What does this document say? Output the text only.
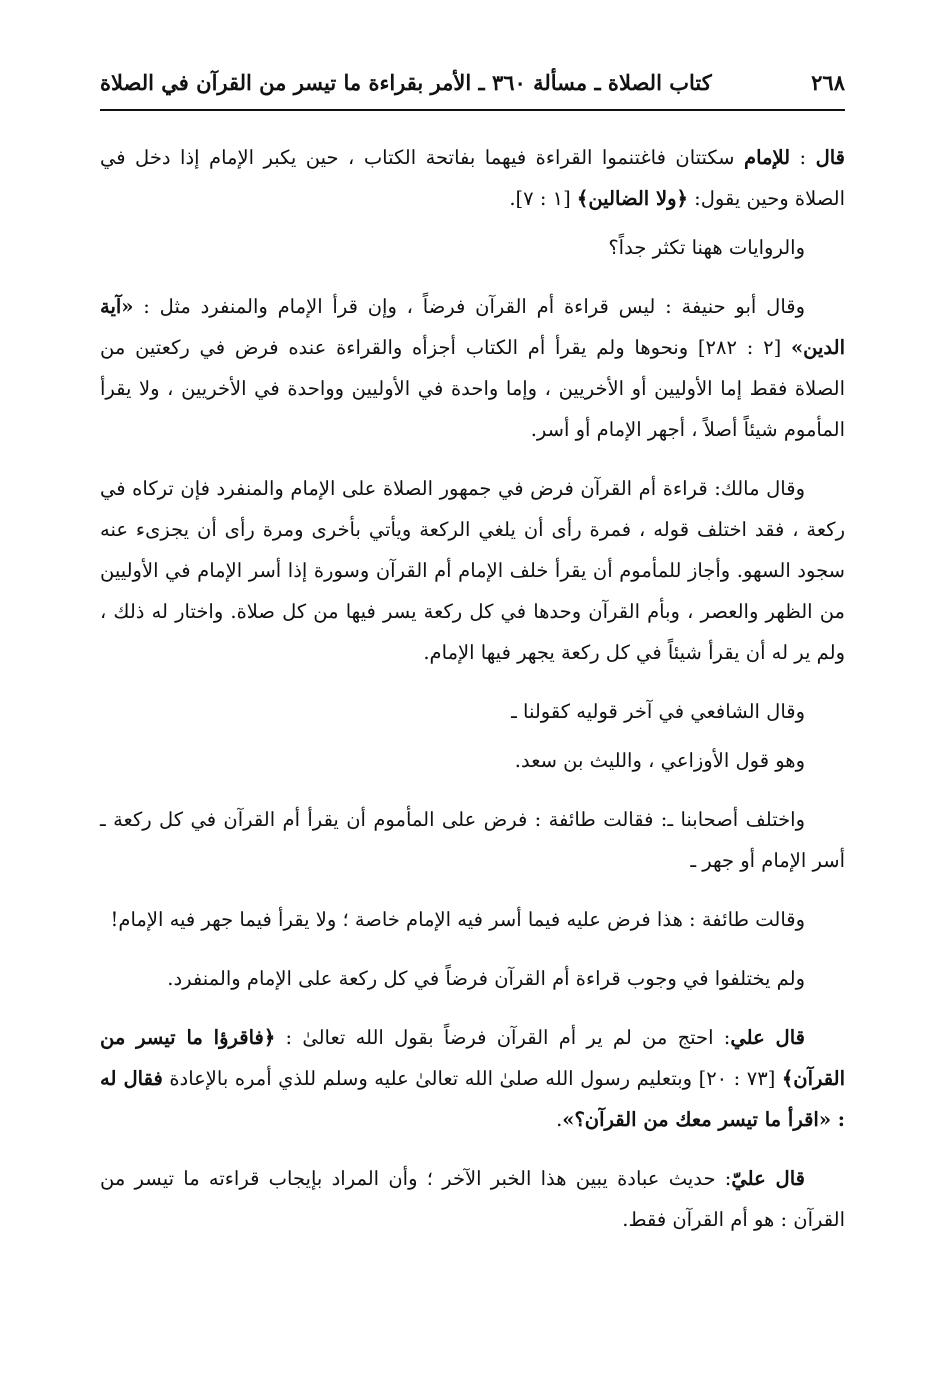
٢٦٨
كتاب الصلاة ـ مسألة ٣٦٠ ـ الأمر بقراءة ما تيسر من القرآن في الصلاة

قال : للإمام سكتتان فاغتنموا القراءة فيهما بفاتحة الكتاب ، حين يكبر الإمام إذا دخل في الصلاة وحين يقول: ﴿ولا الضالين﴾ [١ : ٧].

والروايات ههنا تكثر جداً؟

وقال أبو حنيفة : ليس قراءة أم القرآن فرضاً ، وإن قرأ الإمام والمنفرد مثل : «آية الدين» [٢ : ٢٨٢] ونحوها ولم يقرأ أم الكتاب أجزأه والقراءة عنده فرض في ركعتين من الصلاة فقط إما الأوليين أو الأخريين ، وإما واحدة في الأوليين وواحدة في الأخريين ، ولا يقرأ المأموم شيئاً أصلاً ، أجهر الإمام أو أسر.

وقال مالك: قراءة أم القرآن فرض في جمهور الصلاة على الإمام والمنفرد فإن تركاه في ركعة ، فقد اختلف قوله ، فمرة رأى أن يلغي الركعة ويأتي بأخرى ومرة رأى أن يجزىء عنه سجود السهو. وأجاز للمأموم أن يقرأ خلف الإمام أم القرآن وسورة إذا أسر الإمام في الأوليين من الظهر والعصر ، وبأم القرآن وحدها في كل ركعة يسر فيها من كل صلاة. واختار له ذلك ، ولم ير له أن يقرأ شيئاً في كل ركعة يجهر فيها الإمام.

وقال الشافعي في آخر قوليه كقولنا ـ

وهو قول الأوزاعي ، والليث بن سعد.

واختلف أصحابنا ـ: فقالت طائفة : فرض على المأموم أن يقرأ أم القرآن في كل ركعة ـ أسر الإمام أو جهر ـ

وقالت طائفة : هذا فرض عليه فيما أسر فيه الإمام خاصة ؛ ولا يقرأ فيما جهر فيه الإمام!

ولم يختلفوا في وجوب قراءة أم القرآن فرضاً في كل ركعة على الإمام والمنفرد.

قال علي: احتج من لم ير أم القرآن فرضاً بقول الله تعالىٰ : ﴿فاقرؤا ما تيسر من القرآن﴾ [٧٣ : ٢٠] وبتعليم رسول الله صلىٰ الله تعالىٰ عليه وسلم للذي أمره بالإعادة فقال له : «اقرأ ما تيسر معك من القرآن؟».

قال عليّ: حديث عبادة يبين هذا الخبر الآخر ؛ وأن المراد بإيجاب قراءته ما تيسر من القرآن : هو أم القرآن فقط.
